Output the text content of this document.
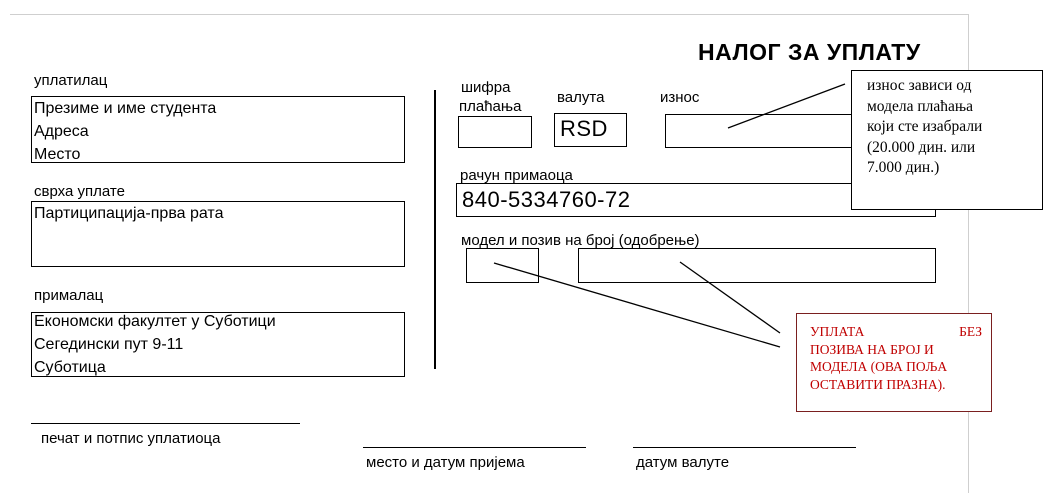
НАЛОГ ЗА УПЛАТУ
уплатилац
Презиме и име студента
Адреса
Место
сврха уплате
Партиципација-прва рата
прималац
Економски факултет у Суботици
Сегедински пут 9-11
Суботица
печат и потпис уплатиоца
шифра
плаћања
валута
RSD
износ
рачун примаоца
840-5334760-72
модел и позив на број (одобрење)
место и датум пријема	датум валуте
износ зависи од
модела плаћања
који сте изабрали
(20.000 дин. или
7.000 дин.)
УПЛАТА БЕЗ
ПОЗИВА НА БРОЈ И
МОДЕЛА (ОВА ПОЉА
ОСТАВИТИ ПРАЗНА).
